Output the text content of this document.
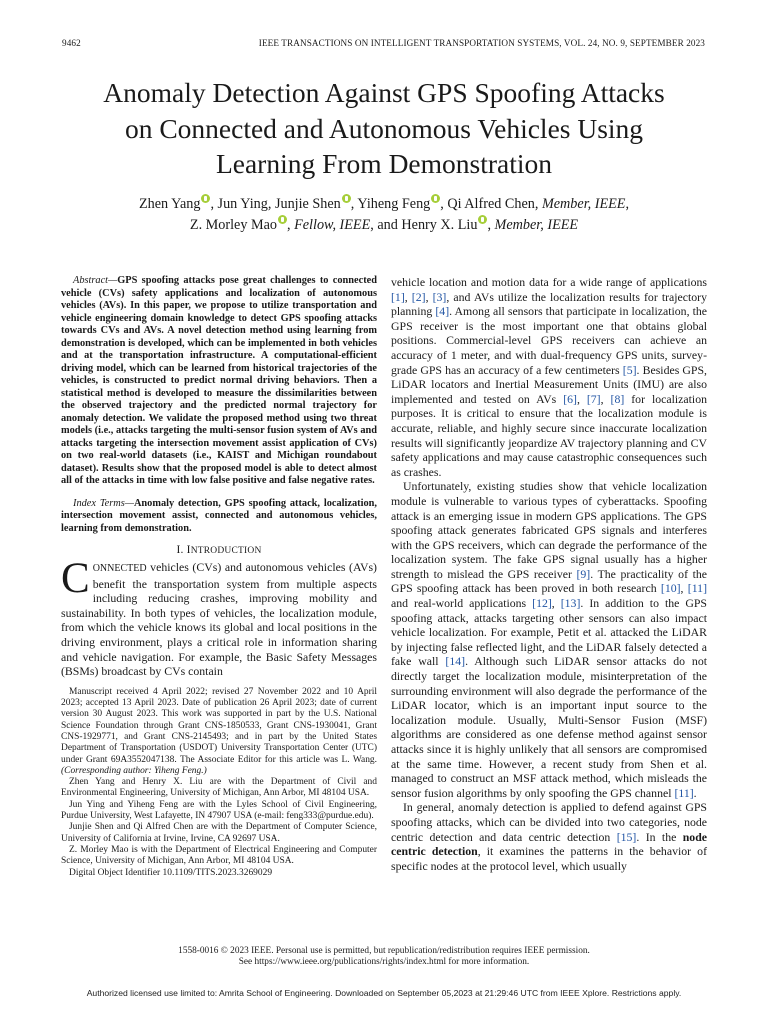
9462	IEEE TRANSACTIONS ON INTELLIGENT TRANSPORTATION SYSTEMS, VOL. 24, NO. 9, SEPTEMBER 2023
Anomaly Detection Against GPS Spoofing Attacks
on Connected and Autonomous Vehicles Using
Learning From Demonstration
Zhen Yang , Jun Ying, Junjie Shen , Yiheng Feng , Qi Alfred Chen, Member, IEEE,
Z. Morley Mao , Fellow, IEEE, and Henry X. Liu , Member, IEEE

Abstract—GPS spoofing attacks pose great challenges to connected vehicle (CVs) safety applications and localization of autonomous vehicles (AVs). In this paper, we propose to utilize transportation and vehicle engineering domain knowledge to detect GPS spoofing attacks towards CVs and AVs. A novel detection method using learning from demonstration is developed, which can be implemented in both vehicles and at the transportation infrastructure. A computational-efficient driving model, which can be learned from historical trajectories of the vehicles, is constructed to predict normal driving behaviors. Then a statistical method is developed to measure the dissimilarities between the observed trajectory and the predicted normal trajectory for anomaly detection. We validate the proposed method using two threat models (i.e., attacks targeting the multi-sensor fusion system of AVs and attacks targeting the intersection movement assist application of CVs) on two real-world datasets (i.e., KAIST and Michigan roundabout dataset). Results show that the proposed model is able to detect almost all of the attacks in time with low false positive and false negative rates.

Index Terms—Anomaly detection, GPS spoofing attack, localization, intersection movement assist, connected and autonomous vehicles, learning from demonstration.

I. INTRODUCTION

CONNECTED vehicles (CVs) and autonomous vehicles (AVs) benefit the transportation system from multiple aspects including reducing crashes, improving mobility and sustainability. In both types of vehicles, the localization module, from which the vehicle knows its global and local positions in the driving environment, plays a critical role in information sharing and vehicle navigation. For example, the Basic Safety Messages (BSMs) broadcast by CVs contain

Manuscript received 4 April 2022; revised 27 November 2022 and 10 April 2023; accepted 13 April 2023. Date of publication 26 April 2023; date of current version 30 August 2023. This work was supported in part by the U.S. National Science Foundation through Grant CNS-1850533, Grant CNS-1930041, Grant CNS-1929771, and Grant CNS-2145493; and in part by the United States Department of Transportation (USDOT) University Transportation Center (UTC) under Grant 69A3552047138. The Associate Editor for this article was L. Wang. (Corresponding author: Yiheng Feng.)

Zhen Yang and Henry X. Liu are with the Department of Civil and Environmental Engineering, University of Michigan, Ann Arbor, MI 48104 USA.

Jun Ying and Yiheng Feng are with the Lyles School of Civil Engineering, Purdue University, West Lafayette, IN 47907 USA (e-mail: feng333@purdue.edu).

Junjie Shen and Qi Alfred Chen are with the Department of Computer Science, University of California at Irvine, Irvine, CA 92697 USA.

Z. Morley Mao is with the Department of Electrical Engineering and Computer Science, University of Michigan, Ann Arbor, MI 48104 USA.

Digital Object Identifier 10.1109/TITS.2023.3269029

vehicle location and motion data for a wide range of applications [1], [2], [3], and AVs utilize the localization results for trajectory planning [4]. Among all sensors that participate in localization, the GPS receiver is the most important one that obtains global positions. Commercial-level GPS receivers can achieve an accuracy of 1 meter, and with dual-frequency GPS units, survey-grade GPS has an accuracy of a few centimeters [5]. Besides GPS, LiDAR locators and Inertial Measurement Units (IMU) are also implemented and tested on AVs [6], [7], [8] for localization purposes. It is critical to ensure that the localization module is accurate, reliable, and highly secure since inaccurate localization results will significantly jeopardize AV trajectory planning and CV safety applications and may cause catastrophic consequences such as crashes.

Unfortunately, existing studies show that vehicle localization module is vulnerable to various types of cyberattacks. Spoofing attack is an emerging issue in modern GPS applications. The GPS spoofing attack generates fabricated GPS signals and interferes with the GPS receivers, which can degrade the performance of the localization system. The fake GPS signal usually has a higher strength to mislead the GPS receiver [9]. The practicality of the GPS spoofing attack has been proved in both research [10], [11] and real-world applications [12], [13]. In addition to the GPS spoofing attack, attacks targeting other sensors can also impact vehicle localization. For example, Petit et al. attacked the LiDAR by injecting false reflected light, and the LiDAR falsely detected a fake wall [14]. Although such LiDAR sensor attacks do not directly target the localization module, misinterpretation of the surrounding environment will also degrade the performance of the LiDAR locator, which is an important input source to the localization module. Usually, Multi-Sensor Fusion (MSF) algorithms are considered as one defense method against sensor attacks since it is highly unlikely that all sensors are compromised at the same time. However, a recent study from Shen et al. managed to construct an MSF attack method, which misleads the sensor fusion algorithms by only spoofing the GPS channel [11].

In general, anomaly detection is applied to defend against GPS spoofing attacks, which can be divided into two categories, node centric detection and data centric detection [15]. In the node centric detection, it examines the patterns in the behavior of specific nodes at the protocol level, which usually

1558-0016 © 2023 IEEE. Personal use is permitted, but republication/redistribution requires IEEE permission.
See https://www.ieee.org/publications/rights/index.html for more information.
Authorized licensed use limited to: Amrita School of Engineering. Downloaded on September 05,2023 at 21:29:46 UTC from IEEE Xplore. Restrictions apply.
